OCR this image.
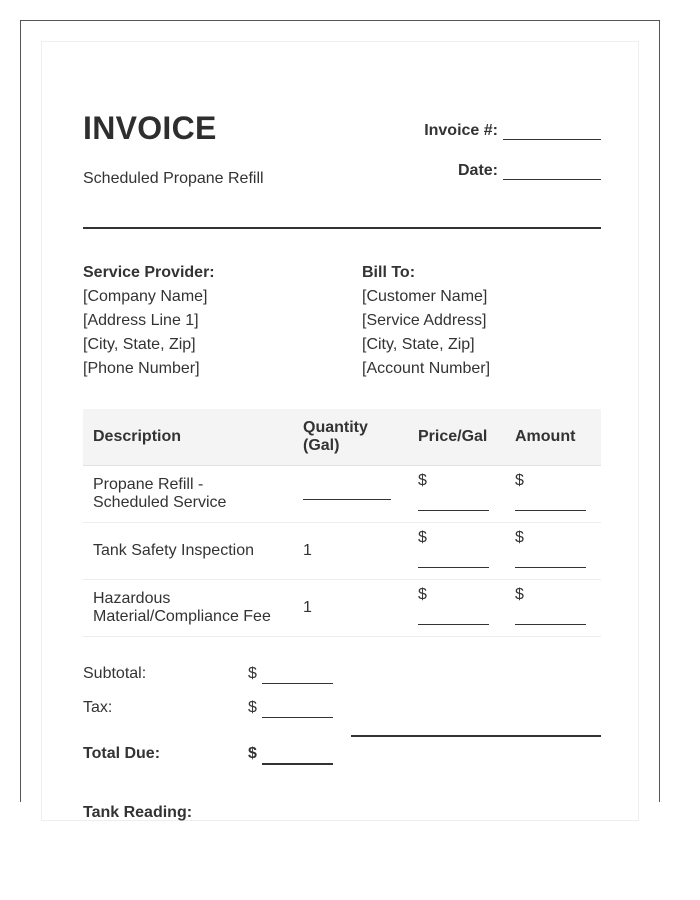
INVOICE
Scheduled Propane Refill
Invoice #:
Date:
Service Provider:
[Company Name]
[Address Line 1]
[City, State, Zip]
[Phone Number]
Bill To:
[Customer Name]
[Service Address]
[City, State, Zip]
[Account Number]
Description	Quantity (Gal)	Price/Gal	Amount
Propane Refill - Scheduled Service		$	$

Tank Safety Inspection	1	$	$

Hazardous Material/Compliance Fee	1	$	$
Subtotal:	$
Tax:	$
Total Due:	$
Tank Reading:
